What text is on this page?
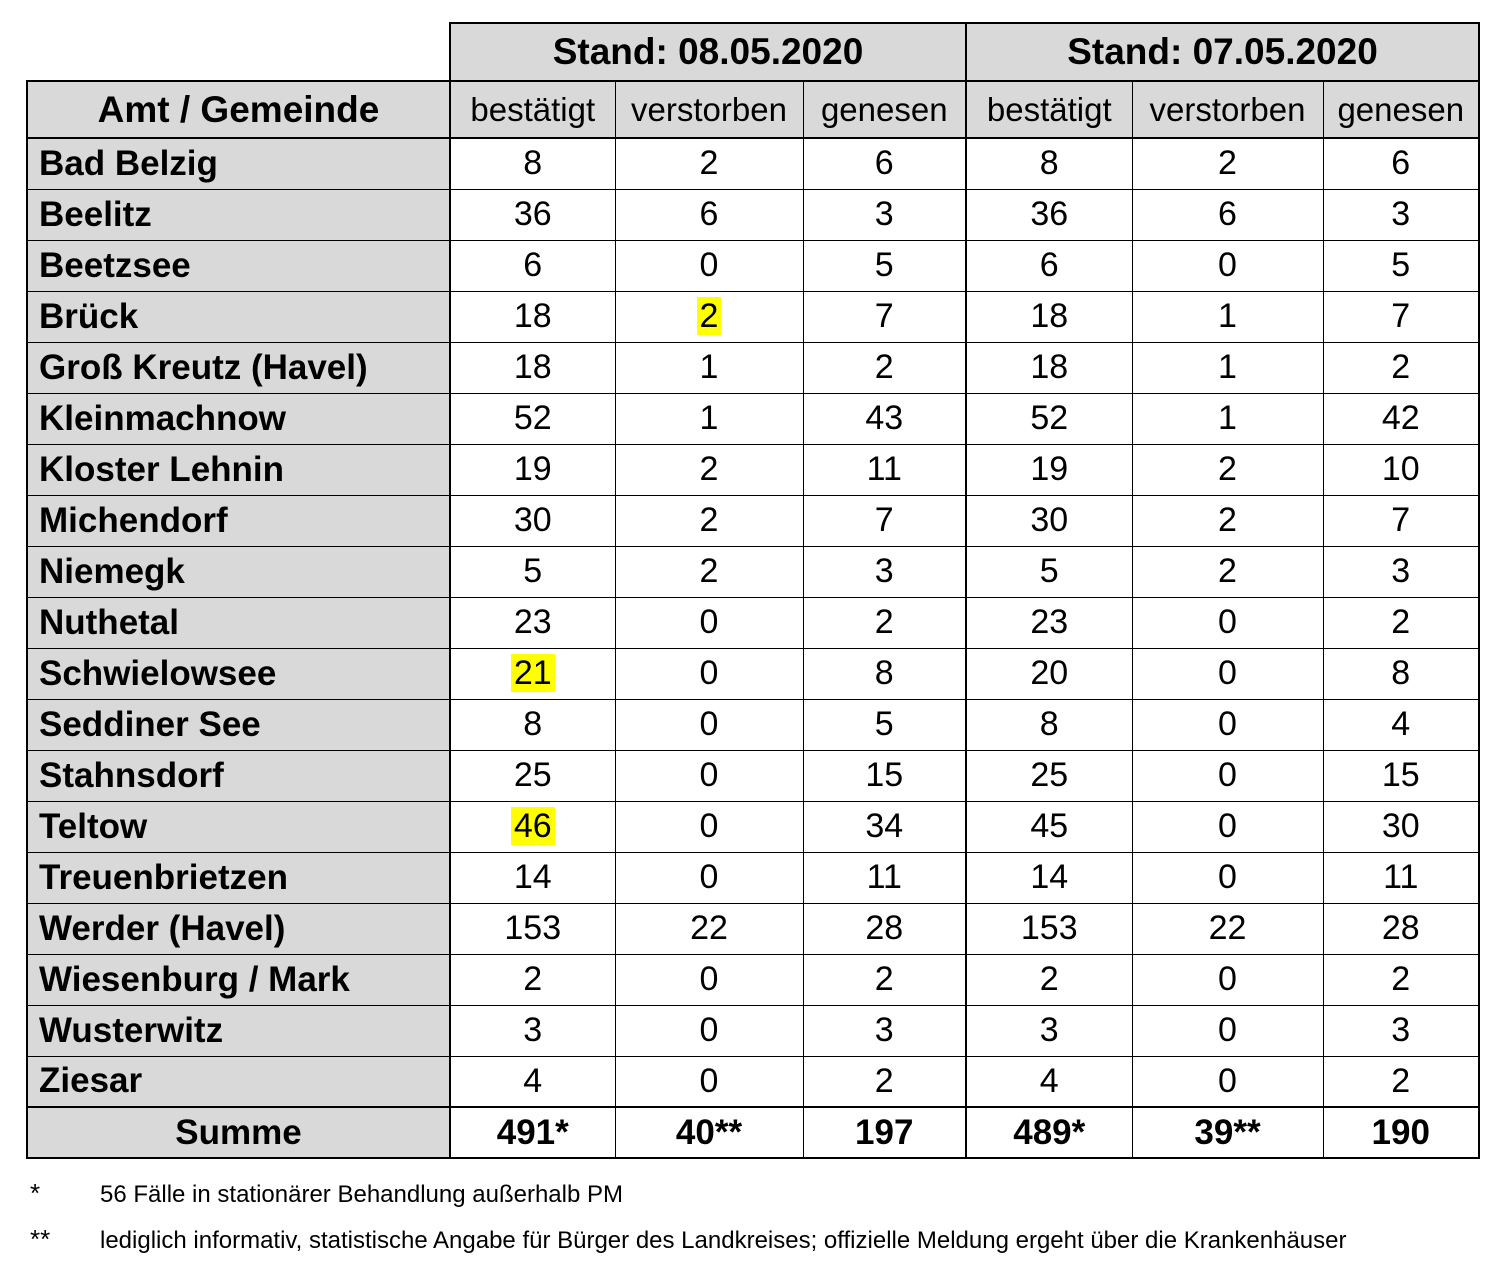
	Stand: 08.05.2020			Stand: 07.05.2020		
Amt / Gemeinde	bestätigt	verstorben	genesen	bestätigt	verstorben	genesen
Bad Belzig	8	2	6	8	2	6
Beelitz	36	6	3	36	6	3
Beetzsee	6	0	5	6	0	5
Brück	18	2	7	18	1	7
Groß Kreutz (Havel)	18	1	2	18	1	2
Kleinmachnow	52	1	43	52	1	42
Kloster Lehnin	19	2	11	19	2	10
Michendorf	30	2	7	30	2	7
Niemegk	5	2	3	5	2	3
Nuthetal	23	0	2	23	0	2
Schwielowsee	21	0	8	20	0	8
Seddiner See	8	0	5	8	0	4
Stahnsdorf	25	0	15	25	0	15
Teltow	46	0	34	45	0	30
Treuenbrietzen	14	0	11	14	0	11
Werder (Havel)	153	22	28	153	22	28
Wiesenburg / Mark	2	0	2	2	0	2
Wusterwitz	3	0	3	3	0	3
Ziesar	4	0	2	4	0	2
Summe	491*	40**	197	489*	39**	190
* 56 Fälle in stationärer Behandlung außerhalb PM
** lediglich informativ, statistische Angabe für Bürger des Landkreises; offizielle Meldung ergeht über die Krankenhäuser
